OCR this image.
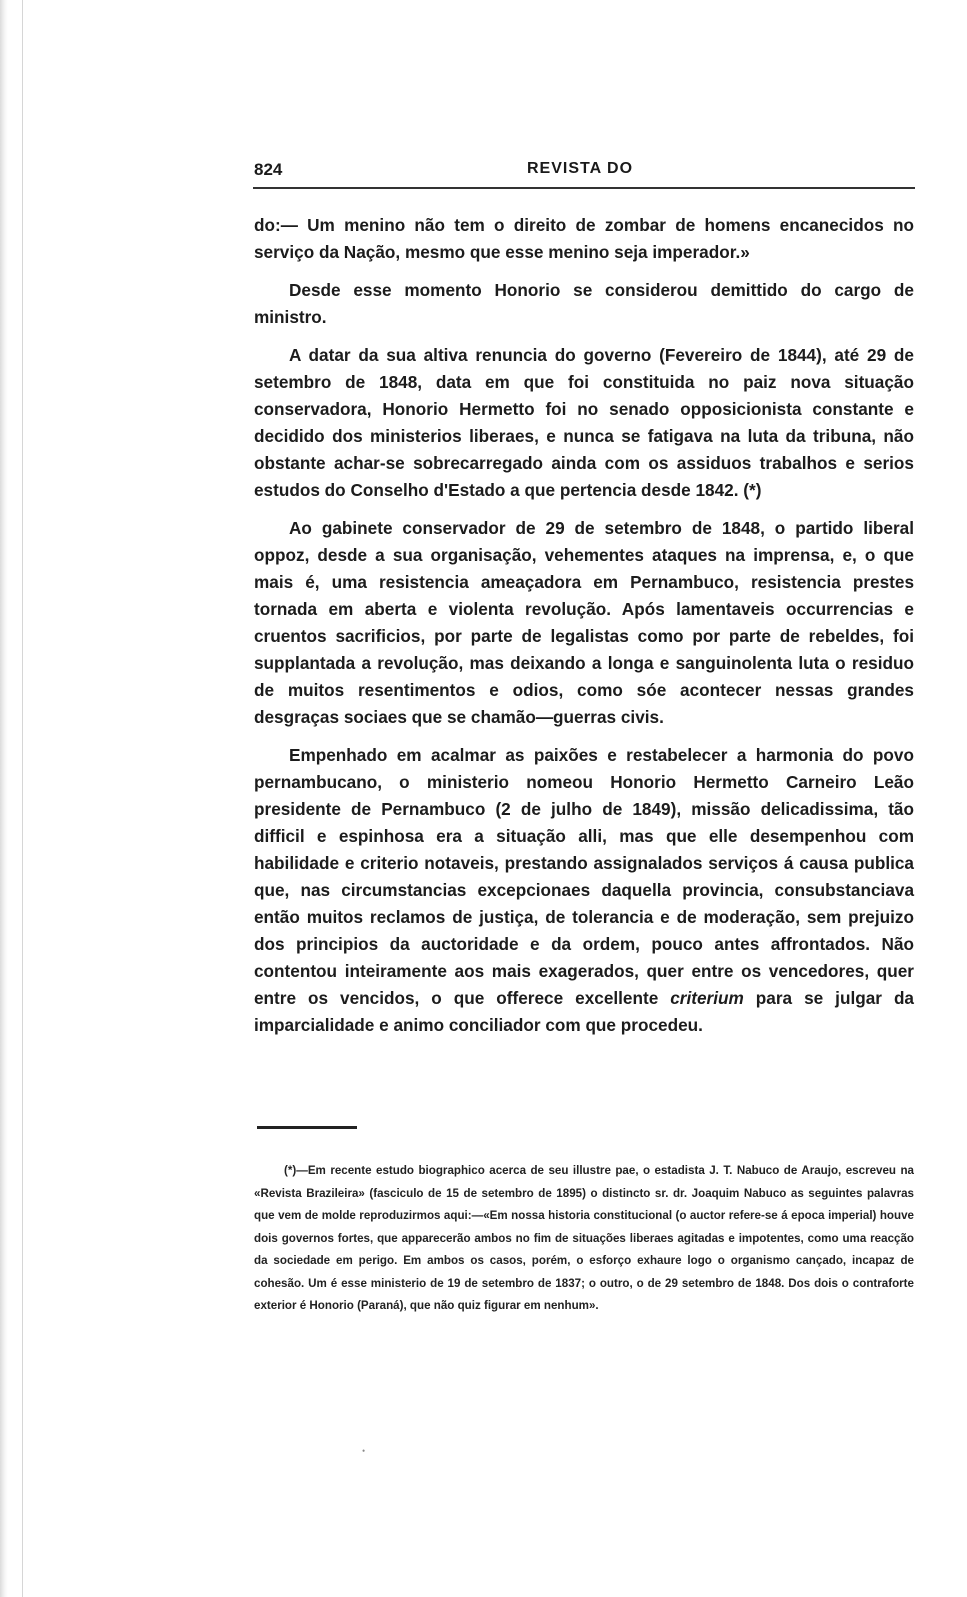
824	REVISTA DO

do:— Um menino não tem o direito de zombar de homens encanecidos no serviço da Nação, mesmo que esse menino seja imperador.»

Desde esse momento Honorio se considerou demittido do cargo de ministro.

A datar da sua altiva renuncia do governo (Fevereiro de 1844), até 29 de setembro de 1848, data em que foi constituida no paiz nova situação conservadora, Honorio Hermetto foi no senado opposicionista constante e decidido dos ministerios liberaes, e nunca se fatigava na luta da tribuna, não obstante achar-se sobrecarregado ainda com os assiduos trabalhos e serios estudos do Conselho d'Estado a que pertencia desde 1842. (*)

Ao gabinete conservador de 29 de setembro de 1848, o partido liberal oppoz, desde a sua organisação, vehementes ataques na imprensa, e, o que mais é, uma resistencia ameaçadora em Pernambuco, resistencia prestes tornada em aberta e violenta revolução. Após lamentaveis occurrencias e cruentos sacrificios, por parte de legalistas como por parte de rebeldes, foi supplantada a revolução, mas deixando a longa e sanguinolenta luta o residuo de muitos resentimentos e odios, como sóe acontecer nessas grandes desgraças sociaes que se chamão—guerras civis.

Empenhado em acalmar as paixões e restabelecer a harmonia do povo pernambucano, o ministerio nomeou Honorio Hermetto Carneiro Leão presidente de Pernambuco (2 de julho de 1849), missão delicadissima, tão difficil e espinhosa era a situação alli, mas que elle desempenhou com habilidade e criterio notaveis, prestando assignalados serviços á causa publica que, nas circumstancias excepcionaes daquella provincia, consubstanciava então muitos reclamos de justiça, de tolerancia e de moderação, sem prejuizo dos principios da auctoridade e da ordem, pouco antes affrontados. Não contentou inteiramente aos mais exagerados, quer entre os vencedores, quer entre os vencidos, o que offerece excellente criterium para se julgar da imparcialidade e animo conciliador com que procedeu.

(*)—Em recente estudo biographico acerca de seu illustre pae, o estadista J. T. Nabuco de Araujo, escreveu na «Revista Brazileira» (fasciculo de 15 de setembro de 1895) o distincto sr. dr. Joaquim Nabuco as seguintes palavras que vem de molde reproduzirmos aqui:—«Em nossa historia constitucional (o auctor refere-se á epoca imperial) houve dois governos fortes, que apparecerão ambos no fim de situações liberaes agitadas e impotentes, como uma reacção da sociedade em perigo. Em ambos os casos, porém, o esforço exhaure logo o organismo cançado, incapaz de cohesão. Um é esse ministerio de 19 de setembro de 1837; o outro, o de 29 setembro de 1848. Dos dois o contraforte exterior é Honorio (Paraná), que não quiz figurar em nenhum».

•
